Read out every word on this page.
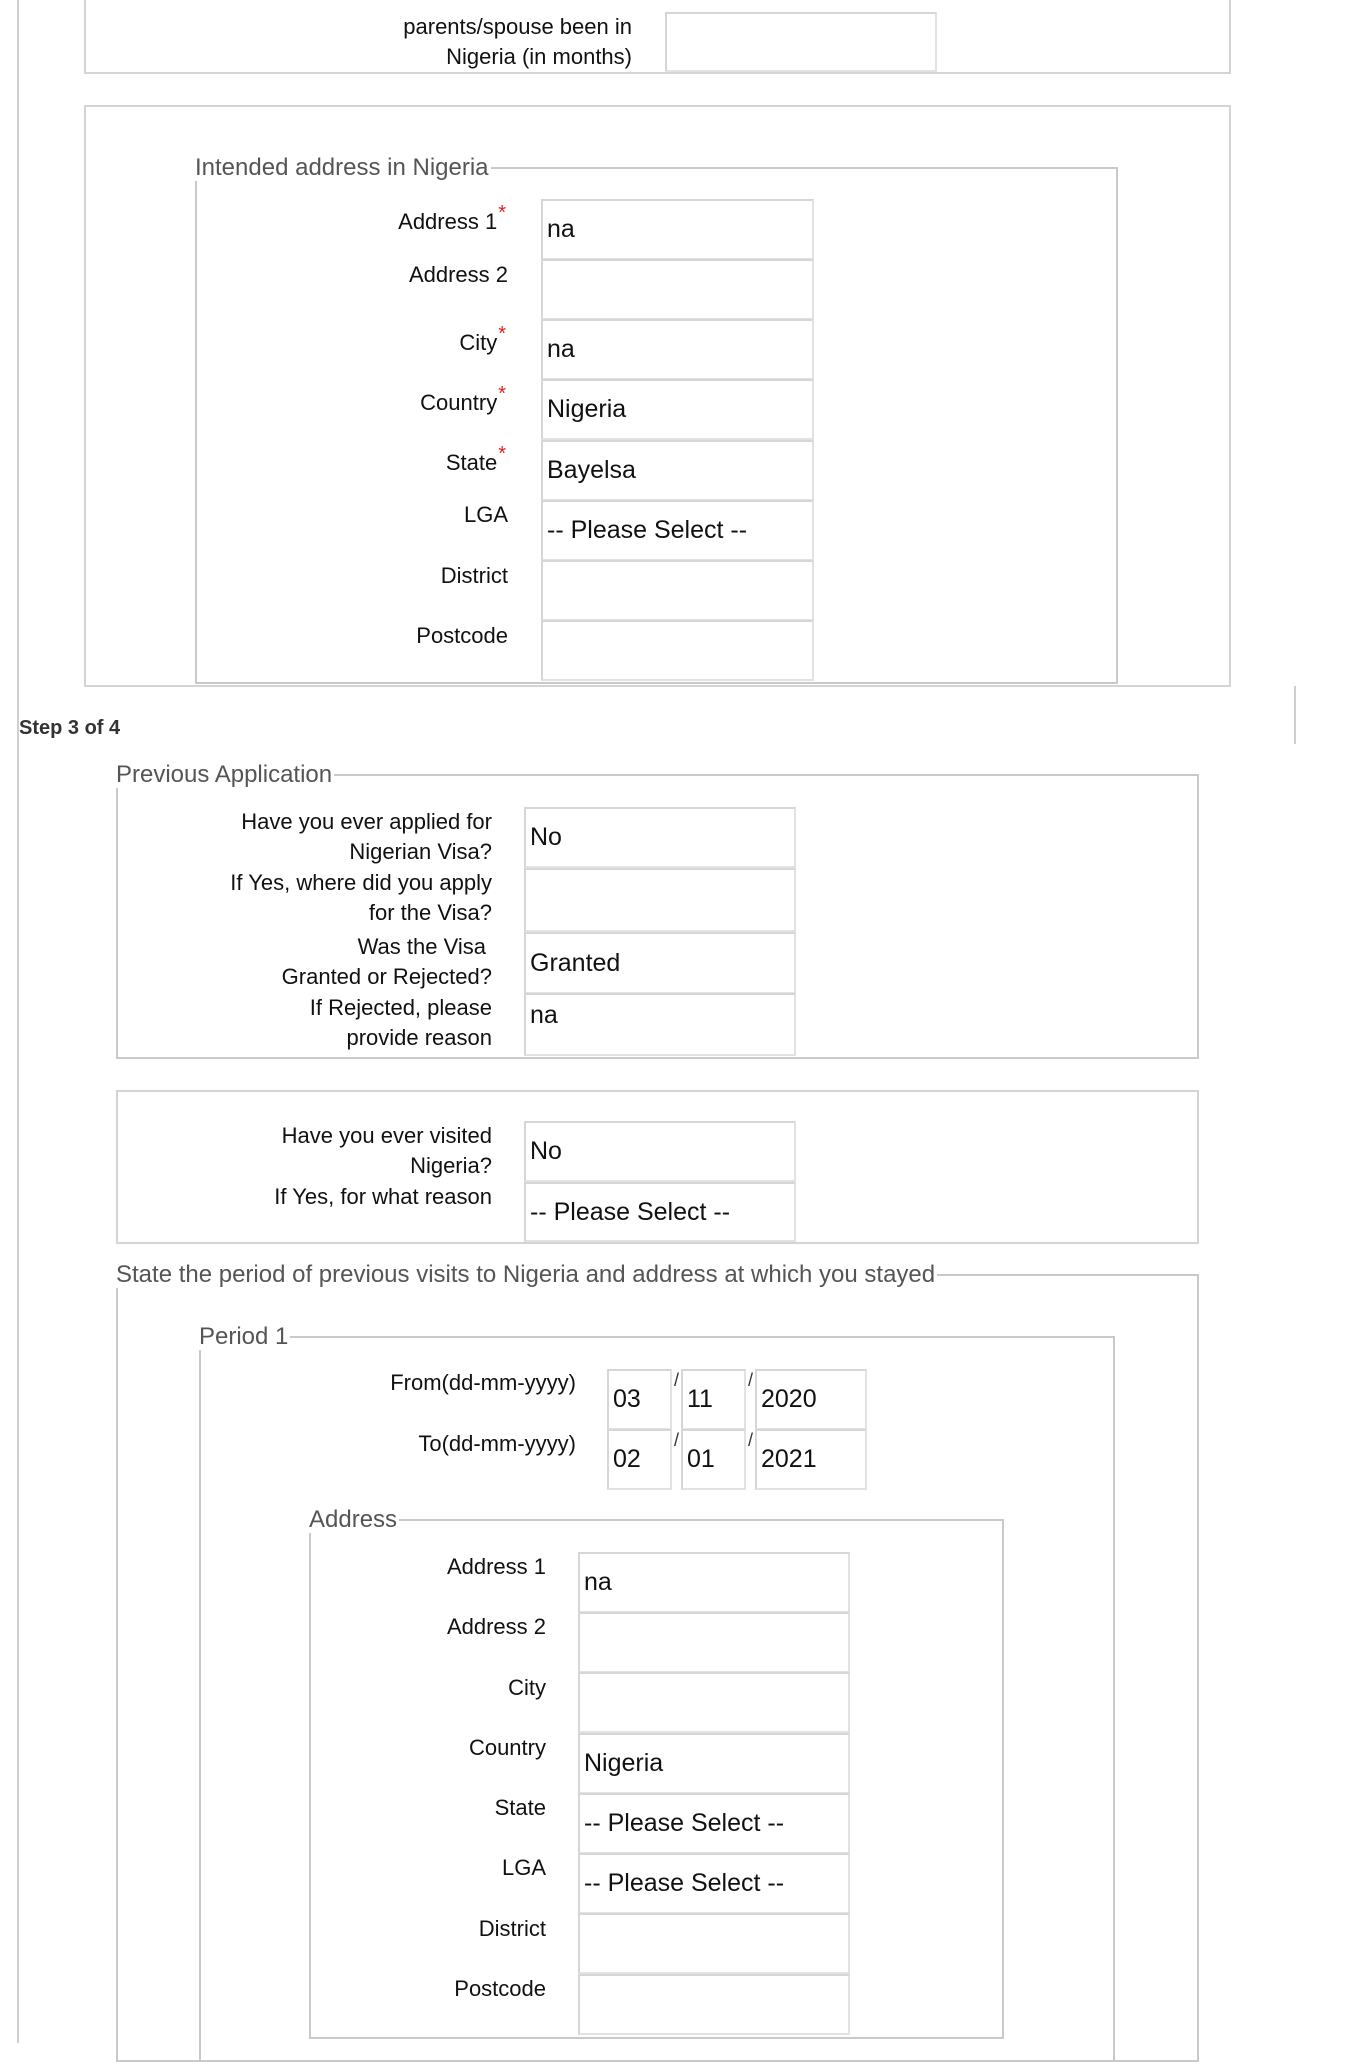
parents/spouse been in
Nigeria (in months)
Intended address in Nigeria
Address 1*
na
Address 2
City*
na
Country*
Nigeria
State*
Bayelsa
LGA
-- Please Select --
District
Postcode
Step 3 of 4
Previous Application
Have you ever applied for
Nigerian Visa?
No
If Yes, where did you apply
for the Visa?
Was the Visa
Granted or Rejected? Granted
If Rejected, please
provide reason
na
Have you ever visited
Nigeria?
No
If Yes, for what reason
-- Please Select --
State the period of previous visits to Nigeria and address at which you stayed
Period 1
From(dd-mm-yyyy)
03
/
11
/
2020
To(dd-mm-yyyy)
02
/
01
/
2021
Address
Address 1
na
Address 2
City
Country
Nigeria
State
-- Please Select --
LGA
-- Please Select --
District
Postcode
